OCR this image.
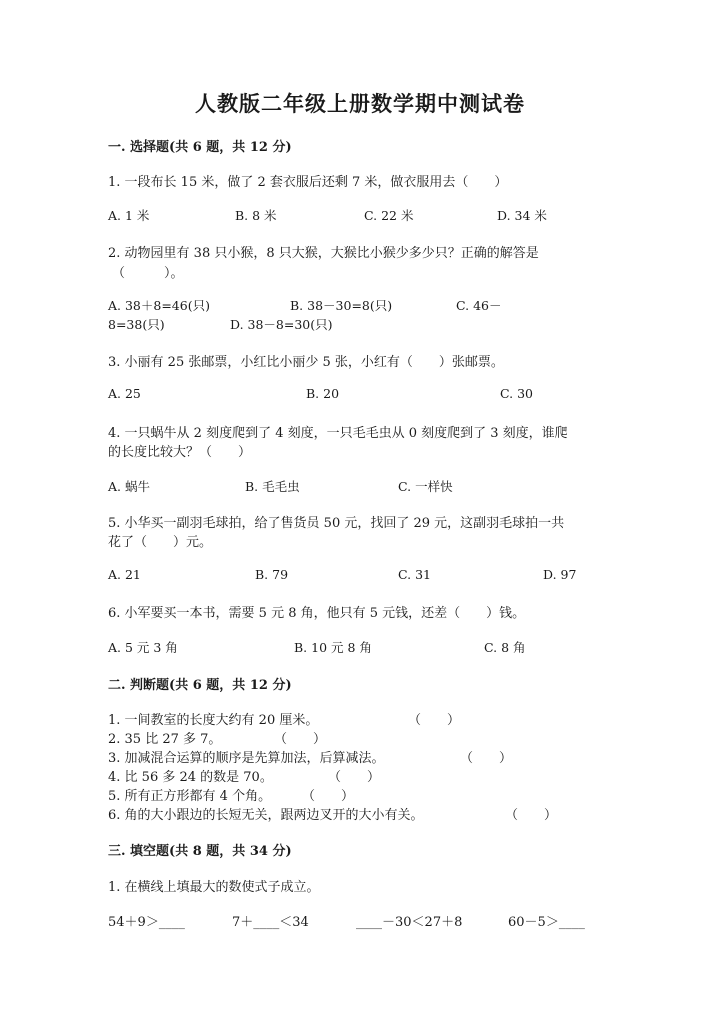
人教版二年级上册数学期中测试卷
一. 选择题(共 6 题，共 12 分)
1. 一段布长 15 米，做了 2 套衣服后还剩 7 米，做衣服用去（　　）
A. 1 米	B. 8 米	C. 22 米	D. 34 米
2. 动物园里有 38 只小猴，8 只大猴，大猴比小猴少多少只？正确的解答是
（　　　）。
A. 38＋8=46(只)	B. 38－30=8(只)	C. 46－
8=38(只)	D. 38－8=30(只)
3. 小丽有 25 张邮票，小红比小丽少 5 张，小红有（　　）张邮票。
A. 25	B. 20	C. 30
4. 一只蜗牛从 2 刻度爬到了 4 刻度，一只毛毛虫从 0 刻度爬到了 3 刻度，谁爬
的长度比较大？（　　）
A. 蜗牛	B. 毛毛虫	C. 一样快
5. 小华买一副羽毛球拍，给了售货员 50 元，找回了 29 元，这副羽毛球拍一共
花了（　　）元。
A. 21	B. 79	C. 31	D. 97
6. 小军要买一本书，需要 5 元 8 角，他只有 5 元钱，还差（　　）钱。
A. 5 元 3 角	B. 10 元 8 角	C. 8 角
二. 判断题(共 6 题，共 12 分)
1. 一间教室的长度大约有 20 厘米。	（　　）
2. 35 比 27 多 7。	（　　）
3. 加减混合运算的顺序是先算加法，后算减法。	（　　）
4. 比 56 多 24 的数是 70。	（　　）
5. 所有正方形都有 4 个角。 （　　）
6. 角的大小跟边的长短无关，跟两边叉开的大小有关。	（　　）
三. 填空题(共 8 题，共 34 分)
1. 在横线上填最大的数使式子成立。
54＋9＞____	7＋____＜34	____－30＜27＋8	60－5＞____
